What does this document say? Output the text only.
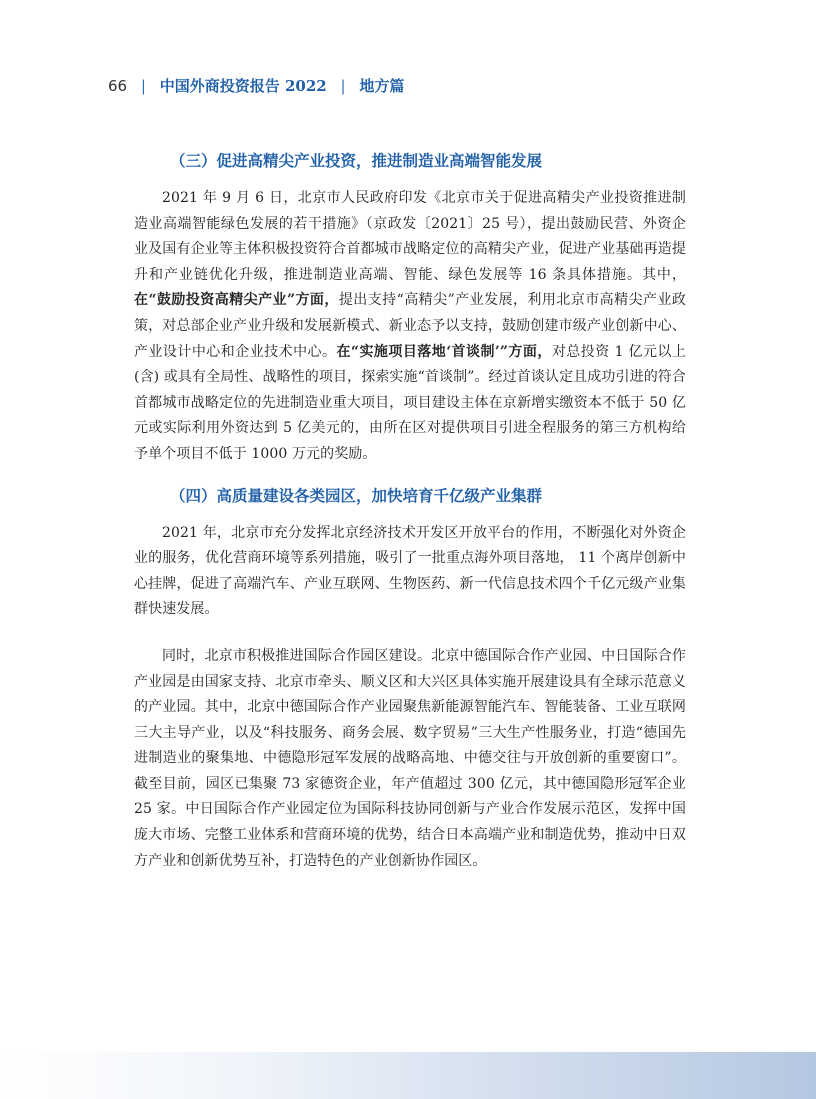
66 | 中国外商投资报告 2022 | 地方篇
（三）促进高精尖产业投资，推进制造业高端智能发展

2021 年 9 月 6 日，北京市人民政府印发《北京市关于促进高精尖产业投资推进制造业高端智能绿色发展的若干措施》（京政发〔2021〕25 号），提出鼓励民营、外资企业及国有企业等主体积极投资符合首都城市战略定位的高精尖产业，促进产业基础再造提升和产业链优化升级，推进制造业高端、智能、绿色发展等 16 条具体措施。其中，在“鼓励投资高精尖产业”方面，提出支持“高精尖”产业发展，利用北京市高精尖产业政策，对总部企业产业升级和发展新模式、新业态予以支持，鼓励创建市级产业创新中心、产业设计中心和企业技术中心。在“实施项目落地‘首谈制’”方面，对总投资 1 亿元以上 (含) 或具有全局性、战略性的项目，探索实施“首谈制”。经过首谈认定且成功引进的符合首都城市战略定位的先进制造业重大项目，项目建设主体在京新增实缴资本不低于 50 亿元或实际利用外资达到 5 亿美元的，由所在区对提供项目引进全程服务的第三方机构给予单个项目不低于 1000 万元的奖励。

（四）高质量建设各类园区，加快培育千亿级产业集群

2021 年，北京市充分发挥北京经济技术开发区开放平台的作用，不断强化对外资企业的服务，优化营商环境等系列措施，吸引了一批重点海外项目落地， 11 个离岸创新中心挂牌，促进了高端汽车、产业互联网、生物医药、新一代信息技术四个千亿元级产业集群快速发展。

同时，北京市积极推进国际合作园区建设。北京中德国际合作产业园、中日国际合作产业园是由国家支持、北京市牵头、顺义区和大兴区具体实施开展建设具有全球示范意义的产业园。其中，北京中德国际合作产业园聚焦新能源智能汽车、智能装备、工业互联网三大主导产业，以及“科技服务、商务会展、数字贸易”三大生产性服务业，打造“德国先进制造业的聚集地、中德隐形冠军发展的战略高地、中德交往与开放创新的重要窗口”。截至目前，园区已集聚 73 家德资企业，年产值超过 300 亿元，其中德国隐形冠军企业 25 家。中日国际合作产业园定位为国际科技协同创新与产业合作发展示范区，发挥中国庞大市场、完整工业体系和营商环境的优势，结合日本高端产业和制造优势，推动中日双方产业和创新优势互补，打造特色的产业创新协作园区。
